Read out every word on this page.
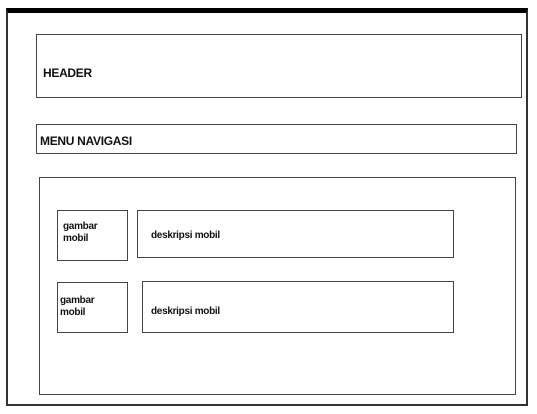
HEADER
MENU NAVIGASI
gambar
mobil	deskripsi mobil
gambar
mobil	deskripsi mobil
